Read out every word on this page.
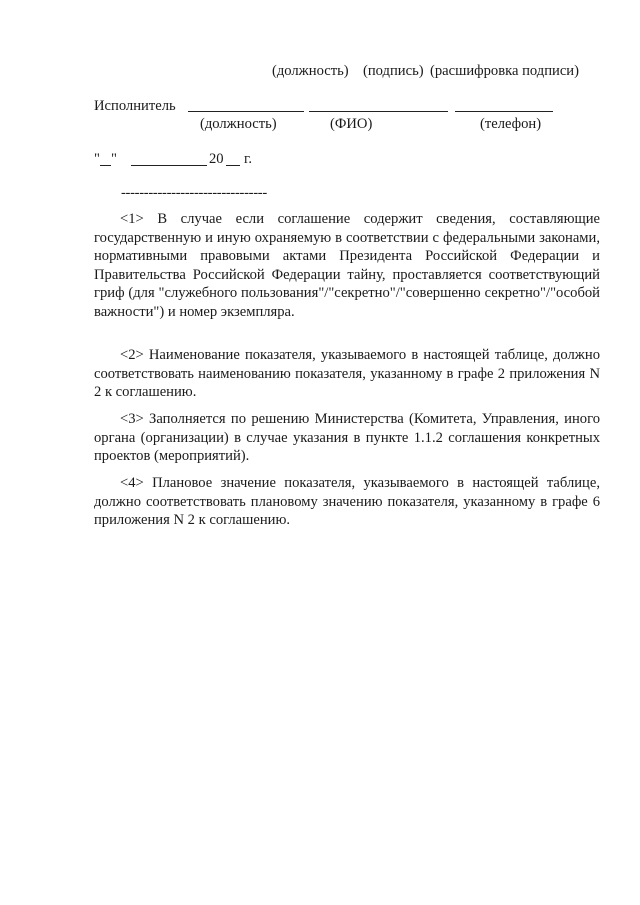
(должность) (подпись) (расшифровка подписи)
Исполнитель
(должность)	(ФИО)	(телефон)
" "	20 г.
--------------------------------

<1> В случае если соглашение содержит сведения, составляющие государственную и иную охраняемую в соответствии с федеральными законами, нормативными правовыми актами Президента Российской Федерации и Правительства Российской Федерации тайну, проставляется соответствующий гриф (для "служебного пользования"/"секретно"/"совершенно секретно"/"особой важности") и номер экземпляра.

<2> Наименование показателя, указываемого в настоящей таблице, должно соответствовать наименованию показателя, указанному в графе 2 приложения N 2 к соглашению.

<3> Заполняется по решению Министерства (Комитета, Управления, иного органа (организации) в случае указания в пункте 1.1.2 соглашения конкретных проектов (мероприятий).

<4> Плановое значение показателя, указываемого в настоящей таблице, должно соответствовать плановому значению показателя, указанному в графе 6 приложения N 2 к соглашению.
